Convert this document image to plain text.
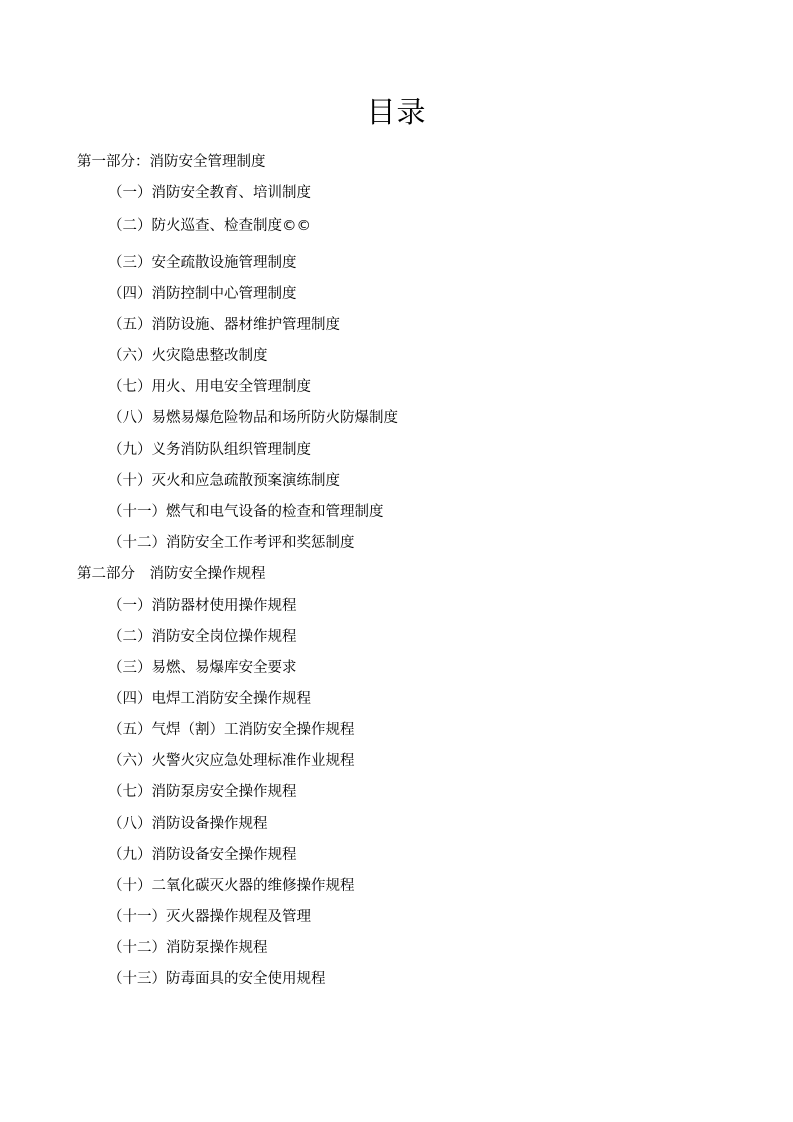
目录
第一部分：消防安全管理制度
（一）消防安全教育、培训制度
（二）防火巡查、检查制度©©
（三）安全疏散设施管理制度
（四）消防控制中心管理制度
（五）消防设施、器材维护管理制度
（六）火灾隐患整改制度
（七）用火、用电安全管理制度
（八）易燃易爆危险物品和场所防火防爆制度
（九）义务消防队组织管理制度
（十）灭火和应急疏散预案演练制度
（十一）燃气和电气设备的检查和管理制度
（十二）消防安全工作考评和奖惩制度
第二部分　消防安全操作规程
（一）消防器材使用操作规程
（二）消防安全岗位操作规程
（三）易燃、易爆库安全要求
（四）电焊工消防安全操作规程
（五）气焊（割）工消防安全操作规程
（六）火警火灾应急处理标准作业规程
（七）消防泵房安全操作规程
（八）消防设备操作规程
（九）消防设备安全操作规程
（十）二氧化碳灭火器的维修操作规程
（十一）灭火器操作规程及管理
（十二）消防泵操作规程
（十三）防毒面具的安全使用规程
